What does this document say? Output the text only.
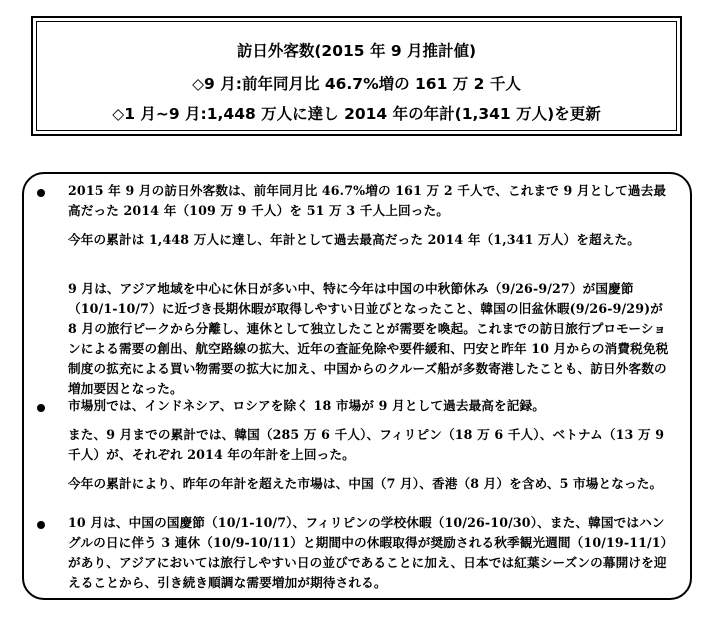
訪日外客数(2015 年 9 月推計値)
◇9 月:前年同月比 46.7%増の 161 万 2 千人
◇1 月~9 月:1,448 万人に達し 2014 年の年計(1,341 万人)を更新

2015 年 9 月の訪日外客数は、前年同月比 46.7%増の 161 万 2 千人で、これまで 9 月として過去最高だった 2014 年（109 万 9 千人）を 51 万 3 千人上回った。

今年の累計は 1,448 万人に達し、年計として過去最高だった 2014 年（1,341 万人）を超えた。

9 月は、アジア地域を中心に休日が多い中、特に今年は中国の中秋節休み（9/26-9/27）が国慶節（10/1-10/7）に近づき長期休暇が取得しやすい日並びとなったこと、韓国の旧盆休暇(9/26-9/29)が 8 月の旅行ピークから分離し、連休として独立したことが需要を喚起。これまでの訪日旅行プロモーションによる需要の創出、航空路線の拡大、近年の査証免除や要件緩和、円安と昨年 10 月からの消費税免税制度の拡充による買い物需要の拡大に加え、中国からのクルーズ船が多数寄港したことも、訪日外客数の増加要因となった。

市場別では、インドネシア、ロシアを除く 18 市場が 9 月として過去最高を記録。

また、9 月までの累計では、韓国（285 万 6 千人）、フィリピン（18 万 6 千人）、ベトナム（13 万 9 千人）が、それぞれ 2014 年の年計を上回った。

今年の累計により、昨年の年計を超えた市場は、中国（7 月）、香港（8 月）を含め、5 市場となった。

10 月は、中国の国慶節（10/1-10/7）、フィリピンの学校休暇（10/26-10/30）、また、韓国ではハングルの日に伴う 3 連休（10/9-10/11）と期間中の休暇取得が奨励される秋季観光週間（10/19-11/1）があり、アジアにおいては旅行しやすい日の並びであることに加え、日本では紅葉シーズンの幕開けを迎えることから、引き続き順調な需要増加が期待される。
